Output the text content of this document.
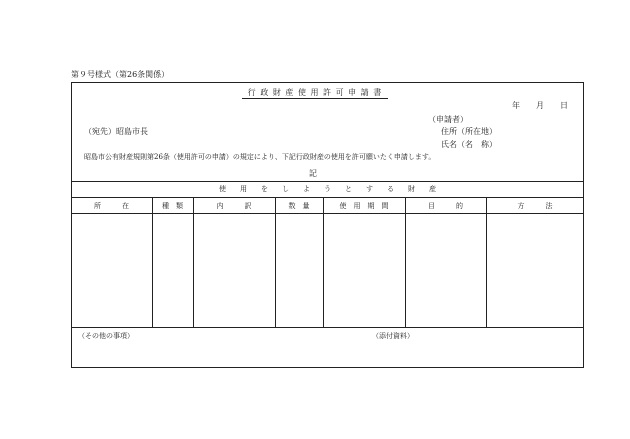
第９号様式（第26条関係）
行 政 財 産 使 用 許 可 申 請 書
年　　月　　日
（申請者）
（宛先）昭島市長	住所（所在地）
氏名（名　称）
昭島市公有財産規則第26条（使用許可の申請）の規定により、下記行政財産の使用を許可願いたく申請します。
記
使　　用　　を　　し　　よ　　う　　と　　す　　る　　財　　産
所　　　在	種　類	内　　　訳	数　量	使　用　期　間	目　　　的	方　　　法
（その他の事項）	（添付資料）
